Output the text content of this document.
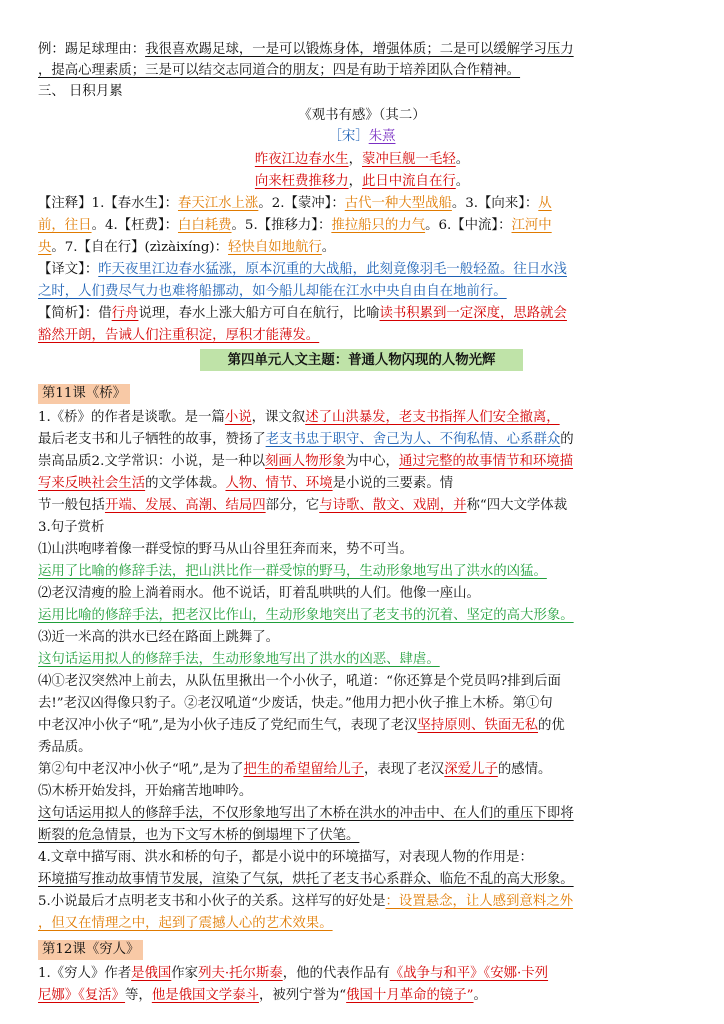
例：踢足球理由：我很喜欢踢足球，一是可以锻炼身体，增强体质；二是可以缓解学习压力
，提高心理素质；三是可以结交志同道合的朋友；四是有助于培养团队合作精神。
三、 日积月累
《观书有感》（其二）
［宋］朱熹
昨夜江边春水生，蒙冲巨舰一毛轻。
向来枉费推移力，此日中流自在行。
【注释】1.【春水生】：春天江水上涨。2.【蒙冲】：古代一种大型战船。3.【向来】：从
前，往日。4.【枉费】：白白耗费。5.【推移力】：推拉船只的力气。6.【中流】：江河中
央。7.【自在行】(zìzàixíng)：轻快自如地航行。
【译文】：昨天夜里江边春水猛涨，原本沉重的大战船，此刻竟像羽毛一般轻盈。往日水浅
之时，人们费尽气力也难将船挪动，如今船儿却能在江水中央自由自在地前行。
【简析】：借行舟说理，春水上涨大船方可自在航行，比喻读书积累到一定深度，思路就会
豁然开朗，告诫人们注重积淀，厚积才能薄发。
第四单元人文主题：普通人物闪现的人物光辉
第11课《桥》
1.《桥》的作者是谈歌。是一篇小说，课文叙述了山洪暴发，老支书指挥人们安全撤离，
最后老支书和儿子牺牲的故事，赞扬了老支书忠于职守、舍己为人、不徇私情、心系群众的
崇高品质2.文学常识：小说，是一种以刻画人物形象为中心，通过完整的故事情节和环境描
写来反映社会生活的文学体裁。人物、情节、环境是小说的三要素。情
节一般包括开端、发展、高潮、结局四部分，它与诗歌、散文、戏剧，并称“四大文学体裁
3.句子赏析
⑴山洪咆哮着像一群受惊的野马从山谷里狂奔而来，势不可当。
运用了比喻的修辞手法，把山洪比作一群受惊的野马，生动形象地写出了洪水的凶猛。
⑵老汉清瘦的脸上淌着雨水。他不说话，盯着乱哄哄的人们。他像一座山。
运用比喻的修辞手法，把老汉比作山，生动形象地突出了老支书的沉着、坚定的高大形象。
⑶近一米高的洪水已经在路面上跳舞了。
这句话运用拟人的修辞手法，生动形象地写出了洪水的凶恶、肆虐。
⑷①老汉突然冲上前去，从队伍里揪出一个小伙子，吼道：“你还算是个党员吗?排到后面
去!”老汉凶得像只豹子。②老汉吼道“少废话，快走。”他用力把小伙子推上木桥。第①句
中老汉冲小伙子“吼”,是为小伙子违反了党纪而生气，表现了老汉坚持原则、铁面无私的优
秀品质。
第②句中老汉冲小伙子“吼”,是为了把生的希望留给儿子，表现了老汉深爱儿子的感情。
⑸木桥开始发抖，开始痛苦地呻吟。
这句话运用拟人的修辞手法，不仅形象地写出了木桥在洪水的冲击中、在人们的重压下即将
断裂的危急情景，也为下文写木桥的倒塌埋下了伏笔。
4.文章中描写雨、洪水和桥的句子，都是小说中的环境描写，对表现人物的作用是：
环境描写推动故事情节发展，渲染了气氛，烘托了老支书心系群众、临危不乱的高大形象。
5.小说最后才点明老支书和小伙子的关系。这样写的好处是：设置悬念，让人感到意料之外
，但又在情理之中，起到了震撼人心的艺术效果。
第12课《穷人》
1.《穷人》作者是俄国作家列夫·托尔斯泰，他的代表作品有《战争与和平》《安娜·卡列
尼娜》《复活》等，他是俄国文学泰斗，被列宁誉为“俄国十月革命的镜子”。
